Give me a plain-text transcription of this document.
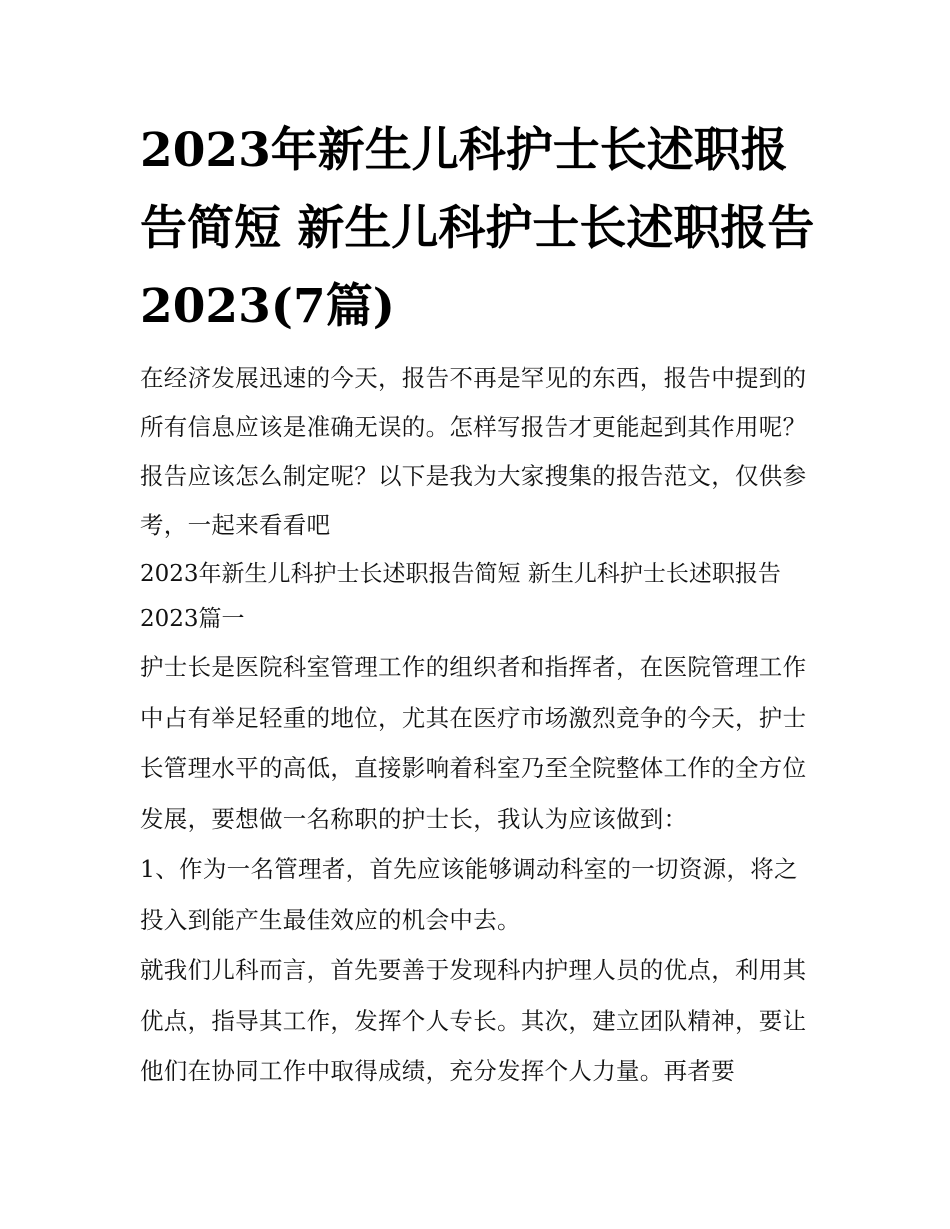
2023年新生儿科护士长述职报告简短 新生儿科护士长述职报告2023(7篇)

在经济发展迅速的今天，报告不再是罕见的东西，报告中提到的所有信息应该是准确无误的。怎样写报告才更能起到其作用呢？报告应该怎么制定呢？以下是我为大家搜集的报告范文，仅供参考，一起来看看吧

2023年新生儿科护士长述职报告简短 新生儿科护士长述职报告2023篇一

护士长是医院科室管理工作的组织者和指挥者，在医院管理工作中占有举足轻重的地位，尤其在医疗市场激烈竞争的今天，护士长管理水平的高低，直接影响着科室乃至全院整体工作的全方位发展，要想做一名称职的护士长，我认为应该做到：

1、作为一名管理者，首先应该能够调动科室的一切资源，将之投入到能产生最佳效应的机会中去。

就我们儿科而言，首先要善于发现科内护理人员的优点，利用其优点，指导其工作，发挥个人专长。其次，建立团队精神，要让他们在协同工作中取得成绩，充分发挥个人力量。再者要
